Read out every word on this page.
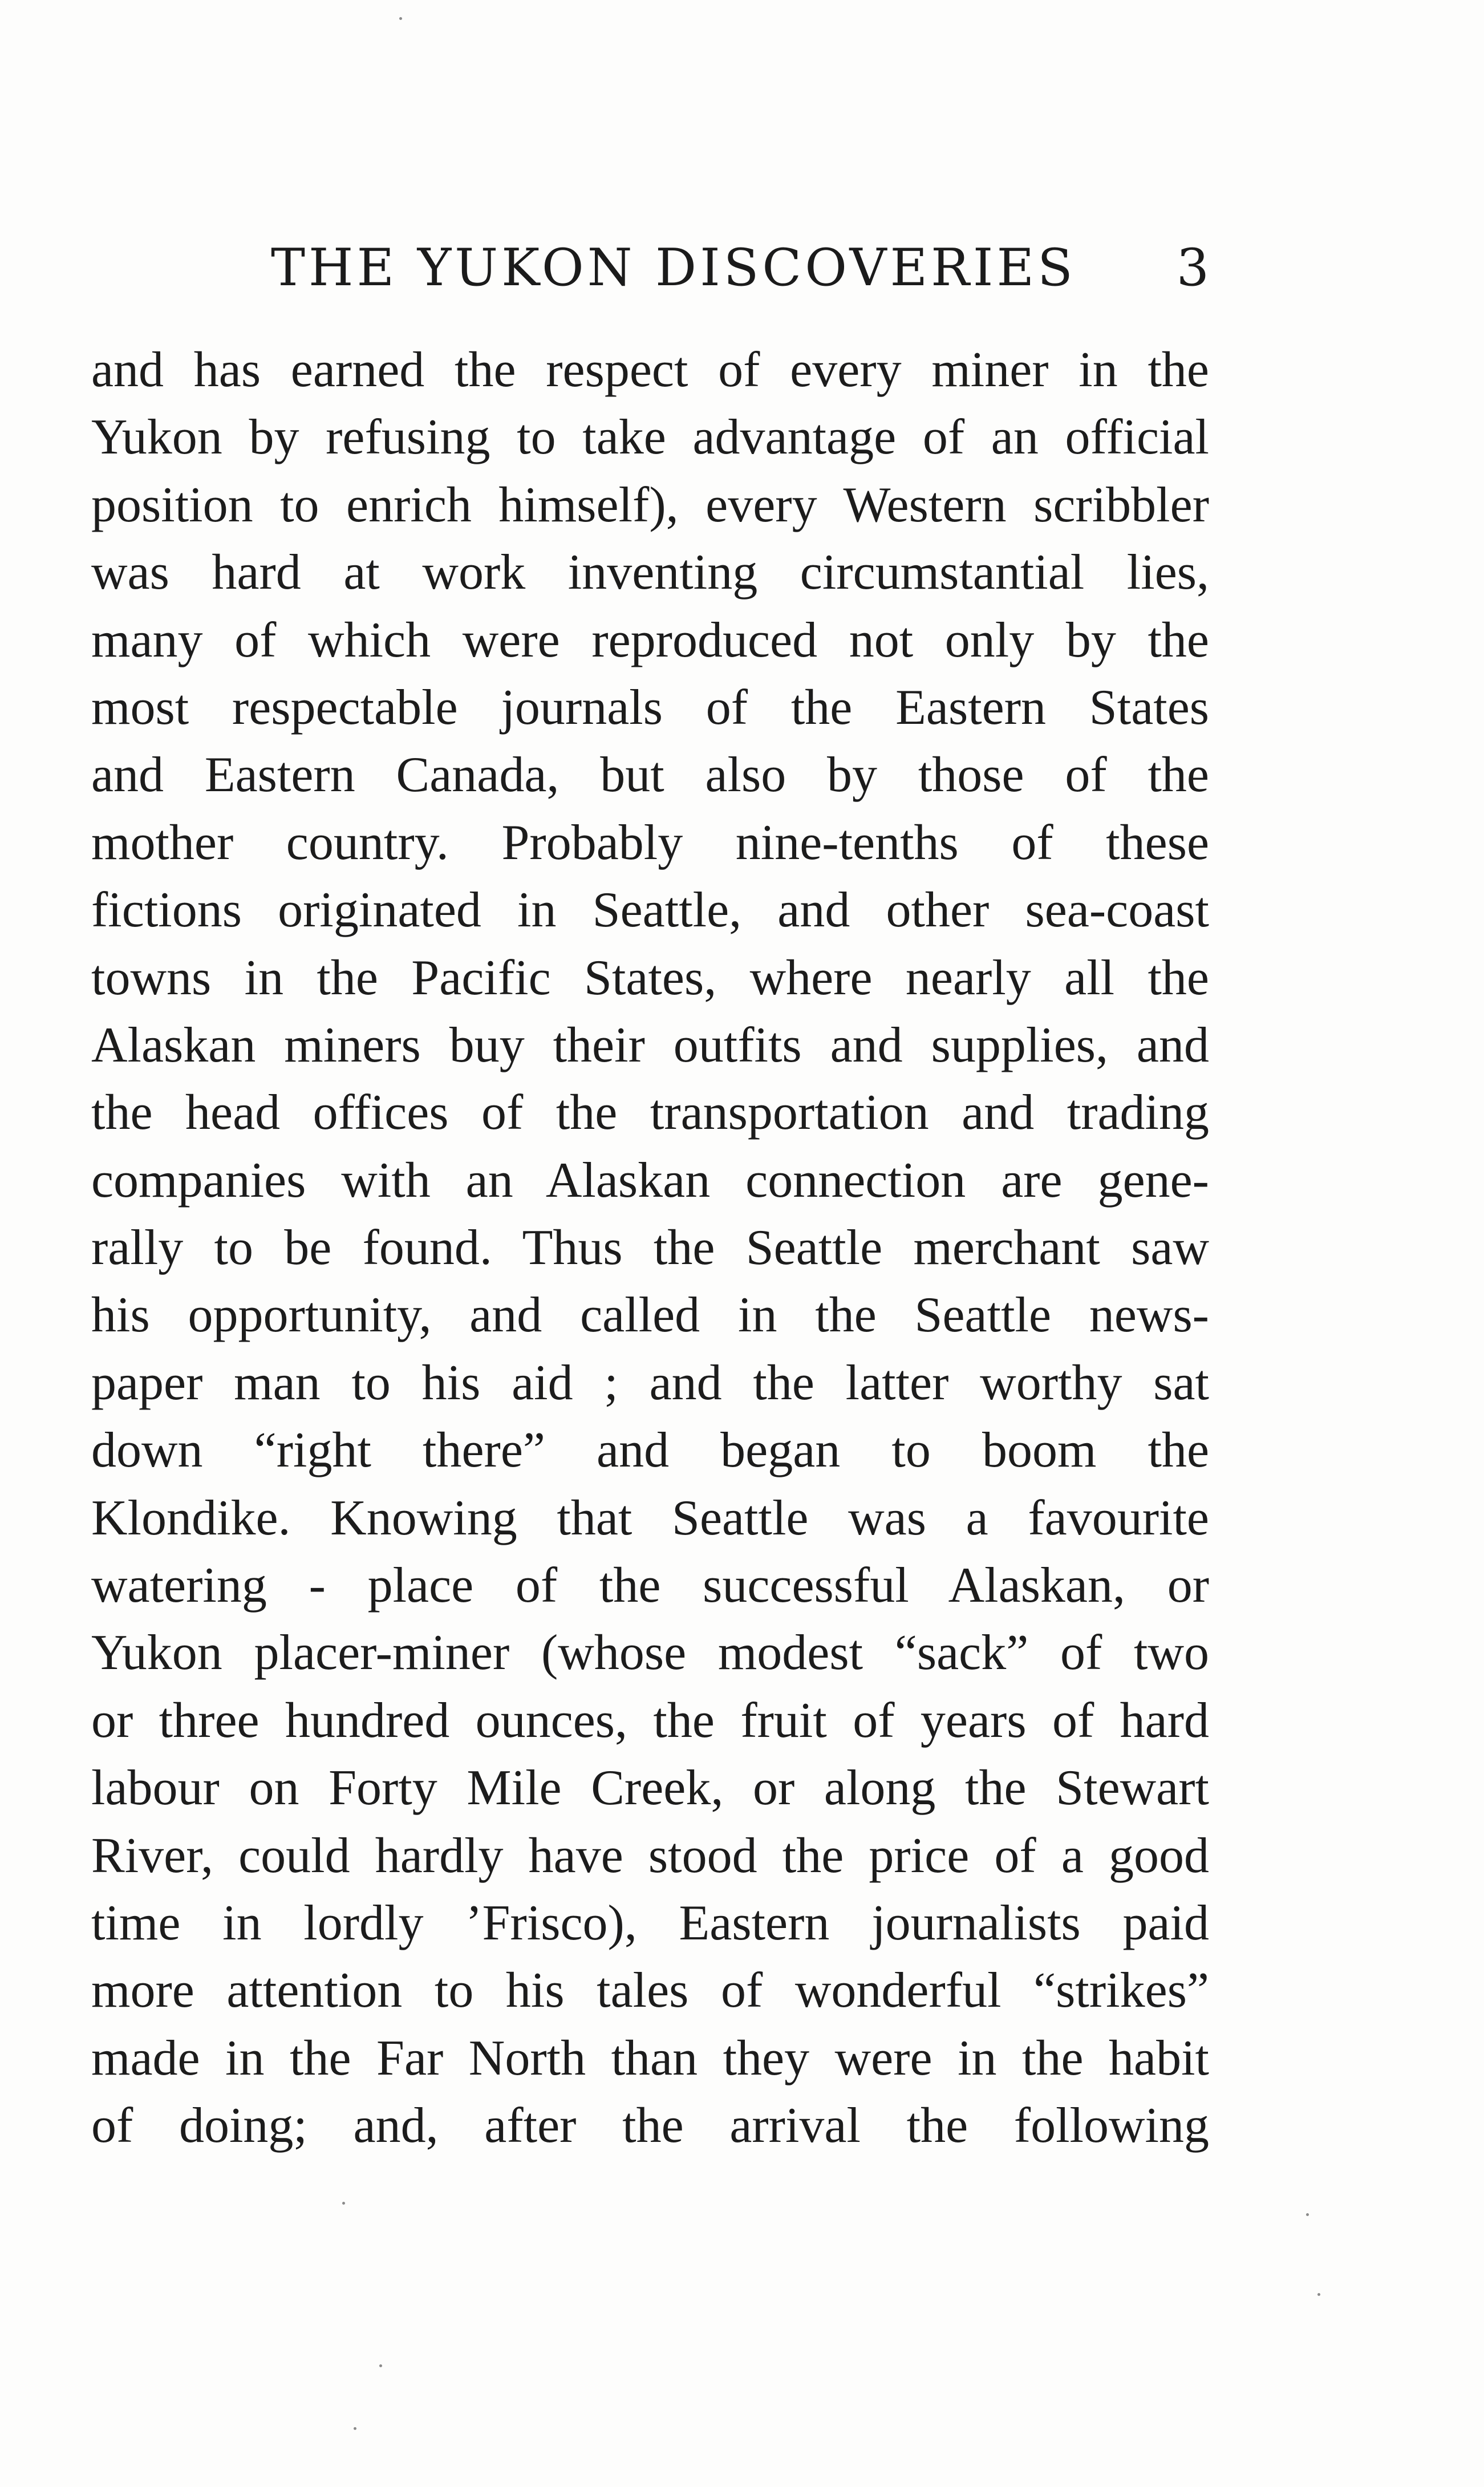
THE YUKON DISCOVERIES 3
and has earned the respect of every miner in the
Yukon by refusing to take advantage of an official
position to enrich himself), every Western scribbler
was hard at work inventing circumstantial lies,
many of which were reproduced not only by the
most respectable journals of the Eastern States
and Eastern Canada, but also by those of the
mother country. Probably nine-tenths of these
fictions originated in Seattle, and other sea-coast
towns in the Pacific States, where nearly all the
Alaskan miners buy their outfits and supplies, and
the head offices of the transportation and trading
companies with an Alaskan connection are gene-
rally to be found. Thus the Seattle merchant saw
his opportunity, and called in the Seattle news-
paper man to his aid ; and the latter worthy sat
down “right there” and began to boom the
Klondike. Knowing that Seattle was a favourite
watering - place of the successful Alaskan, or
Yukon placer-miner (whose modest “sack” of two
or three hundred ounces, the fruit of years of hard
labour on Forty Mile Creek, or along the Stewart
River, could hardly have stood the price of a good
time in lordly ’Frisco), Eastern journalists paid
more attention to his tales of wonderful “strikes”
made in the Far North than they were in the habit
of doing; and, after the arrival the following
